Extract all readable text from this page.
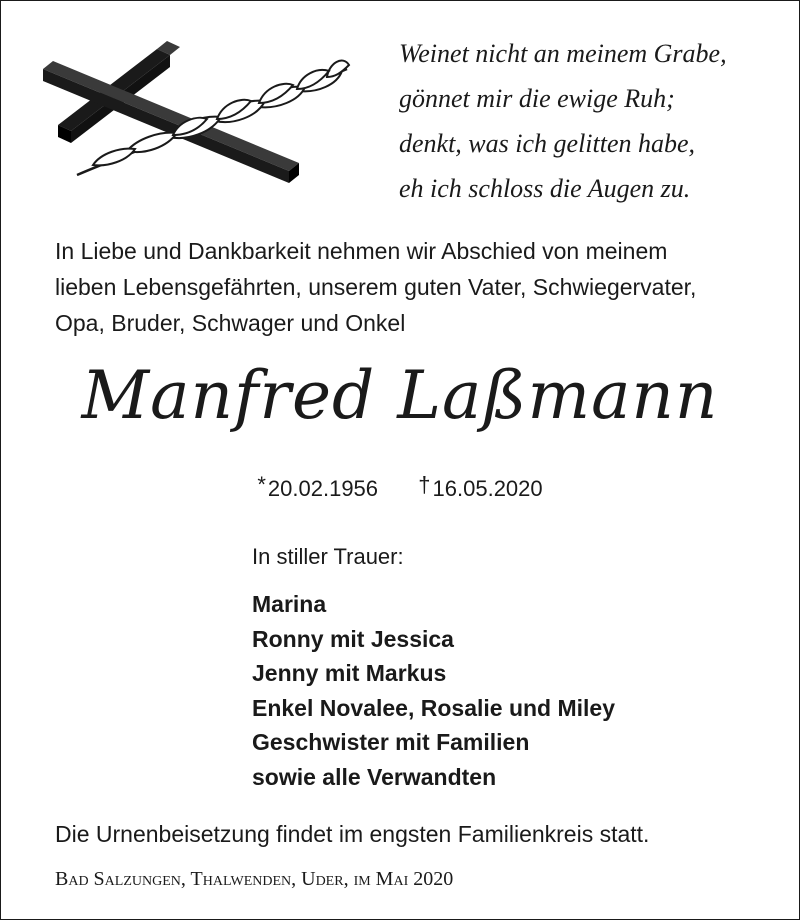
Weinet nicht an meinem Grabe,
gönnet mir die ewige Ruh;
denkt, was ich gelitten habe,
eh ich schloss die Augen zu.
In Liebe und Dankbarkeit nehmen wir Abschied von meinem
lieben Lebensgefährten, unserem guten Vater, Schwiegervater,
Opa, Bruder, Schwager und Onkel
Manfred Laßmann
*20.02.1956 †16.05.2020
In stiller Trauer:
Marina
Ronny mit Jessica
Jenny mit Markus
Enkel Novalee, Rosalie und Miley
Geschwister mit Familien
sowie alle Verwandten
Die Urnenbeisetzung findet im engsten Familienkreis statt.
Bad Salzungen, Thalwenden, Uder, im Mai 2020
